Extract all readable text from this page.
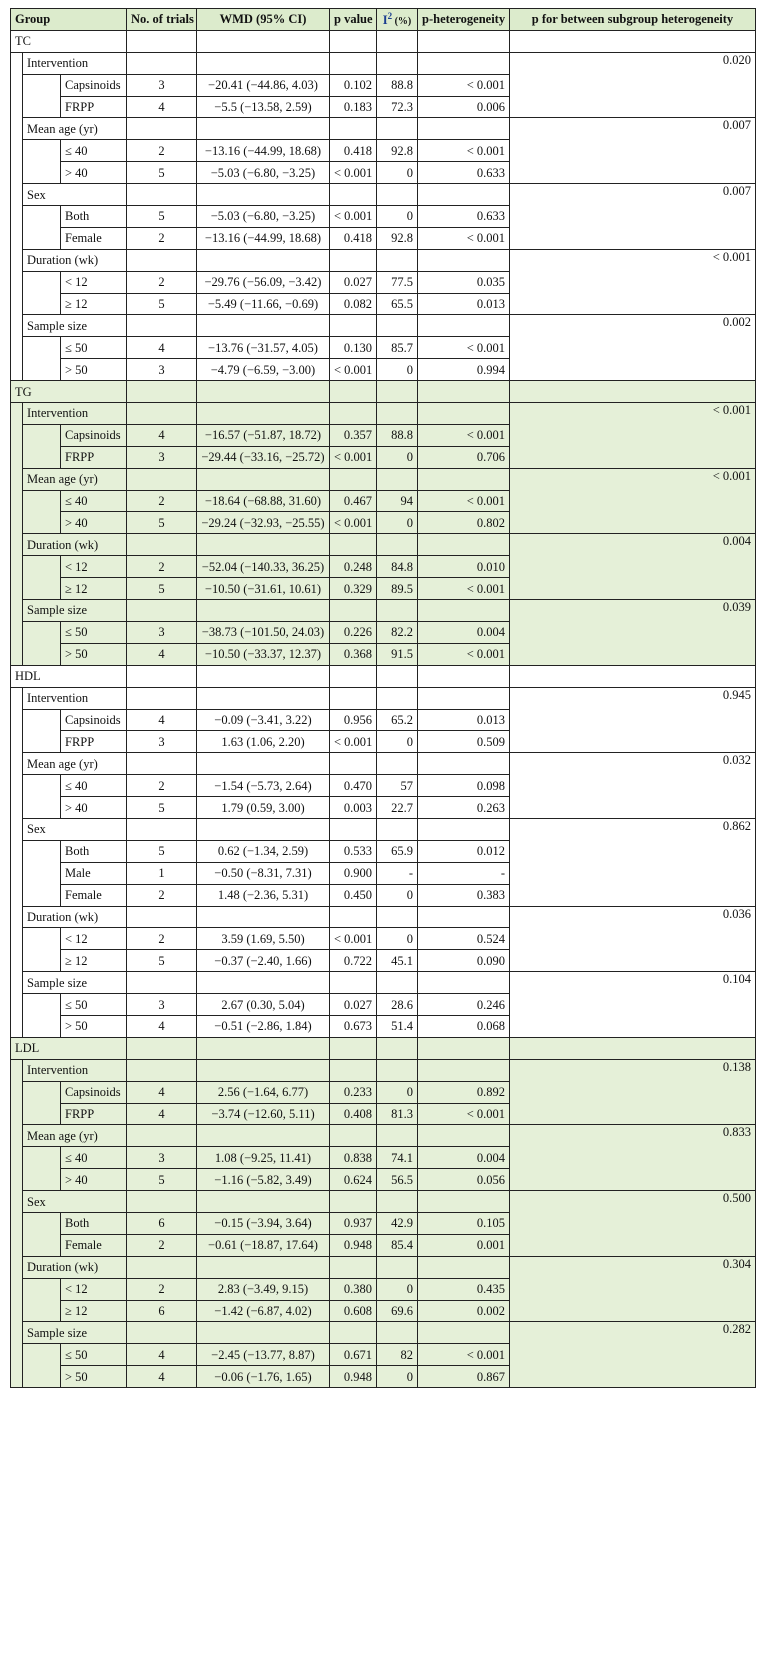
Group			No. of trials	WMD (95% CI)	p value	$I^2$ (%)	p-heterogeneity	p for between subgroup heterogeneity
TC								
	Intervention							0.020
		Capsinoids	3	−20.41 (−44.86, 4.03)	0.102	88.8	< 0.001	
		FRPP	4	−5.5 (−13.58, 2.59)	0.183	72.3	0.006	
	Mean age (yr)							0.007
		≤ 40	2	−13.16 (−44.99, 18.68)	0.418	92.8	< 0.001	
		> 40	5	−5.03 (−6.80, −3.25)	< 0.001	0	0.633	
	Sex							0.007
		Both	5	−5.03 (−6.80, −3.25)	< 0.001	0	0.633	
		Female	2	−13.16 (−44.99, 18.68)	0.418	92.8	< 0.001	
	Duration (wk)							< 0.001
		< 12	2	−29.76 (−56.09, −3.42)	0.027	77.5	0.035	
		≥ 12	5	−5.49 (−11.66, −0.69)	0.082	65.5	0.013	
	Sample size							0.002
		≤ 50	4	−13.76 (−31.57, 4.05)	0.130	85.7	< 0.001	
		> 50	3	−4.79 (−6.59, −3.00)	< 0.001	0	0.994	
TG								
	Intervention							< 0.001
		Capsinoids	4	−16.57 (−51.87, 18.72)	0.357	88.8	< 0.001	
		FRPP	3	−29.44 (−33.16, −25.72)	< 0.001	0	0.706	
	Mean age (yr)							< 0.001
		≤ 40	2	−18.64 (−68.88, 31.60)	0.467	94	< 0.001	
		> 40	5	−29.24 (−32.93, −25.55)	< 0.001	0	0.802	
	Duration (wk)							0.004
		< 12	2	−52.04 (−140.33, 36.25)	0.248	84.8	0.010	
		≥ 12	5	−10.50 (−31.61, 10.61)	0.329	89.5	< 0.001	
	Sample size							0.039
		≤ 50	3	−38.73 (−101.50, 24.03)	0.226	82.2	0.004	
		> 50	4	−10.50 (−33.37, 12.37)	0.368	91.5	< 0.001	
HDL								
	Intervention							0.945
		Capsinoids	4	−0.09 (−3.41, 3.22)	0.956	65.2	0.013	
		FRPP	3	1.63 (1.06, 2.20)	< 0.001	0	0.509	
	Mean age (yr)							0.032
		≤ 40	2	−1.54 (−5.73, 2.64)	0.470	57	0.098	
		> 40	5	1.79 (0.59, 3.00)	0.003	22.7	0.263	
	Sex							0.862
		Both	5	0.62 (−1.34, 2.59)	0.533	65.9	0.012	
		Male	1	−0.50 (−8.31, 7.31)	0.900	-	-	
		Female	2	1.48 (−2.36, 5.31)	0.450	0	0.383	
	Duration (wk)							0.036
		< 12	2	3.59 (1.69, 5.50)	< 0.001	0	0.524	
		≥ 12	5	−0.37 (−2.40, 1.66)	0.722	45.1	0.090	
	Sample size							0.104
		≤ 50	3	2.67 (0.30, 5.04)	0.027	28.6	0.246	
		> 50	4	−0.51 (−2.86, 1.84)	0.673	51.4	0.068	
LDL								
	Intervention							0.138
		Capsinoids	4	2.56 (−1.64, 6.77)	0.233	0	0.892	
		FRPP	4	−3.74 (−12.60, 5.11)	0.408	81.3	< 0.001	
	Mean age (yr)							0.833
		≤ 40	3	1.08 (−9.25, 11.41)	0.838	74.1	0.004	
		> 40	5	−1.16 (−5.82, 3.49)	0.624	56.5	0.056	
	Sex							0.500
		Both	6	−0.15 (−3.94, 3.64)	0.937	42.9	0.105	
		Female	2	−0.61 (−18.87, 17.64)	0.948	85.4	0.001	
	Duration (wk)							0.304
		< 12	2	2.83 (−3.49, 9.15)	0.380	0	0.435	
		≥ 12	6	−1.42 (−6.87, 4.02)	0.608	69.6	0.002	
	Sample size							0.282
		≤ 50	4	−2.45 (−13.77, 8.87)	0.671	82	< 0.001	
		> 50	4	−0.06 (−1.76, 1.65)	0.948	0	0.867	
